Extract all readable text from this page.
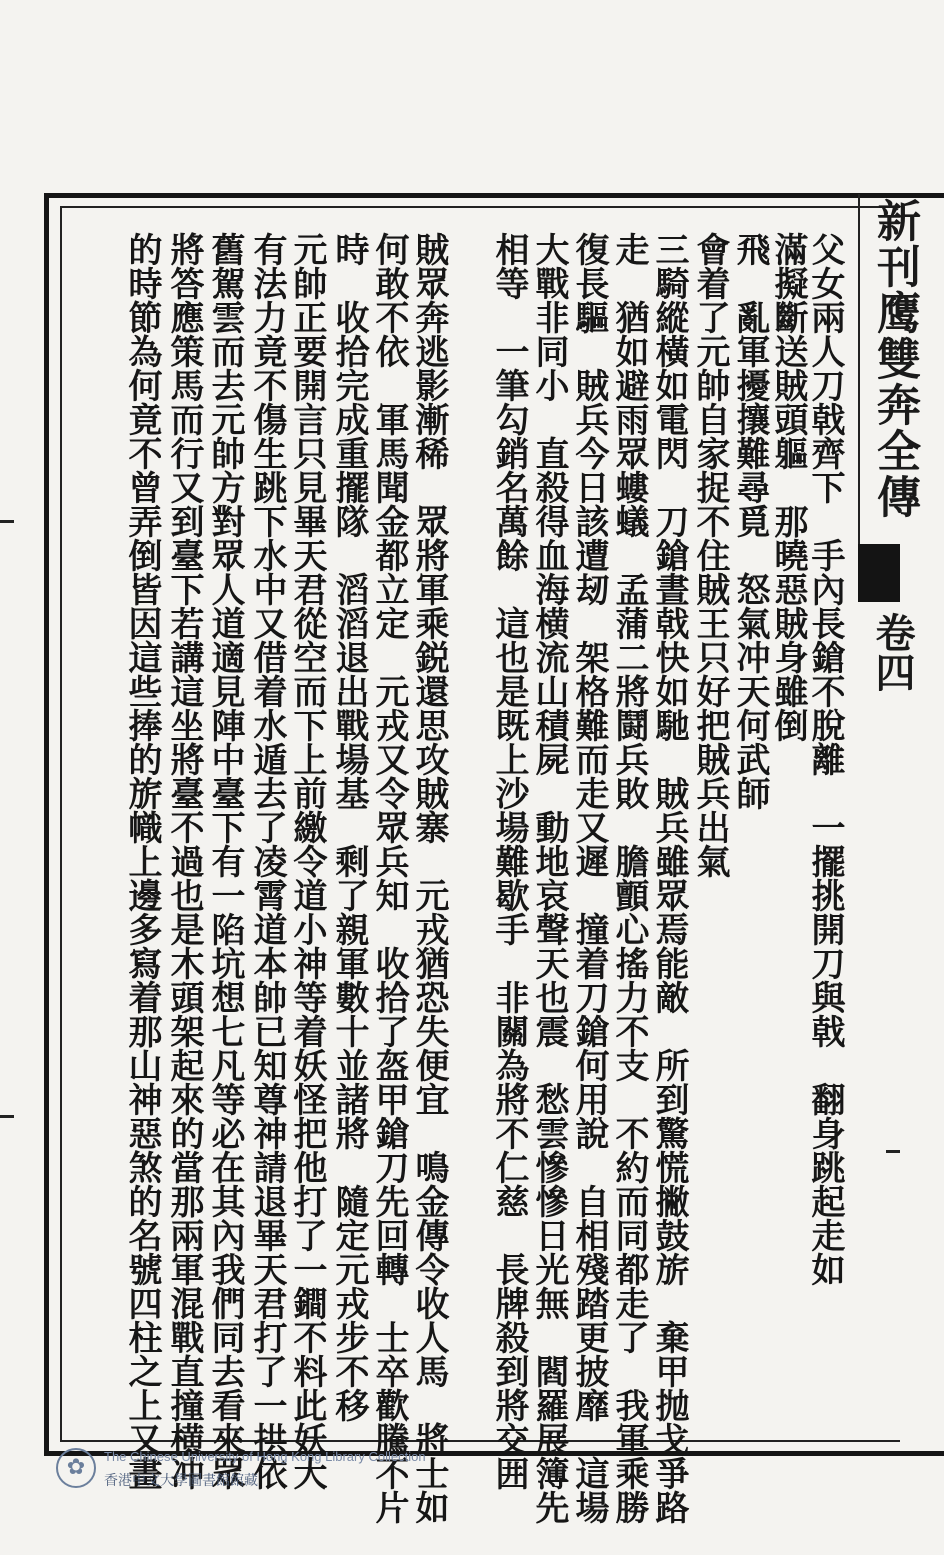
新刊鹰雙奔全傳
卷四
父女兩人刀戟齊下　手內長鎗不脫離　一擺挑開刀與戟　翻身跳起走如
滿擬斷送賊頭軀　那曉惡賊身雖倒
飛　亂軍擾攘難尋覓　怒氣冲天何武師
會着了元帥自家捉不住賊王只好把賊兵出氣
走　猶如避雨眾螻蟻　孟蒲二將鬪兵敗　膽顫心搖力不支　不約而同都走了　我軍乘勝 三騎縱橫如電閃　刀鎗晝戟快如馳　賊兵雖眾焉能敵　所到驚慌撇鼓旂　棄甲抛戈爭路
復長驅　賊兵今日該遭刼　架格難而走又遲　撞着刀鎗何用說　自相殘踏更披靡　這場
大戰非同小　直殺得血海横流山積屍　動地哀聲天也震　愁雲慘慘日光無　閻羅展簿先
相等　一筆勾銷名萬餘　這也是既上沙場難歇手　非關為將不仁慈　長牌殺到將交囲
賊眾奔逃影漸稀　眾將軍乘鋭還思攻賊寨　元戎猶恐失便宜　鳴金傳令收人馬　將士如
何敢不依　軍馬聞金都立定　元戎又令眾兵知　收拾了盔甲鎗刀先回轉　士卒歡騰不片
時　收拾完成重擺隊　滔滔退出戰場基　剩了親軍數十並諸將　隨定元戎步不移
元帥正要開言只見畢天君從空而下上前繳令道小神等着妖怪把他打了一鐧不料此妖大
有法力竟不傷生跳下水中又借着水遁去了凌霄道本帥已知尊神請退畢天君打了一拱依
舊駕雲而去元帥方對眾人道適見陣中臺下有一陷坑想七凡等必在其內我們同去看來眾
將答應策馬而行又到臺下若講這坐將臺不過也是木頭架起來的當那兩軍混戰直撞横冲
的時節為何竟不曾弄倒皆因這些捧的旂幟上邊多寫着那山神惡煞的名號四柱之上又畫
✿	The Chinese University of Hong Kong Library Collection
香港中文大學圖書館館藏
